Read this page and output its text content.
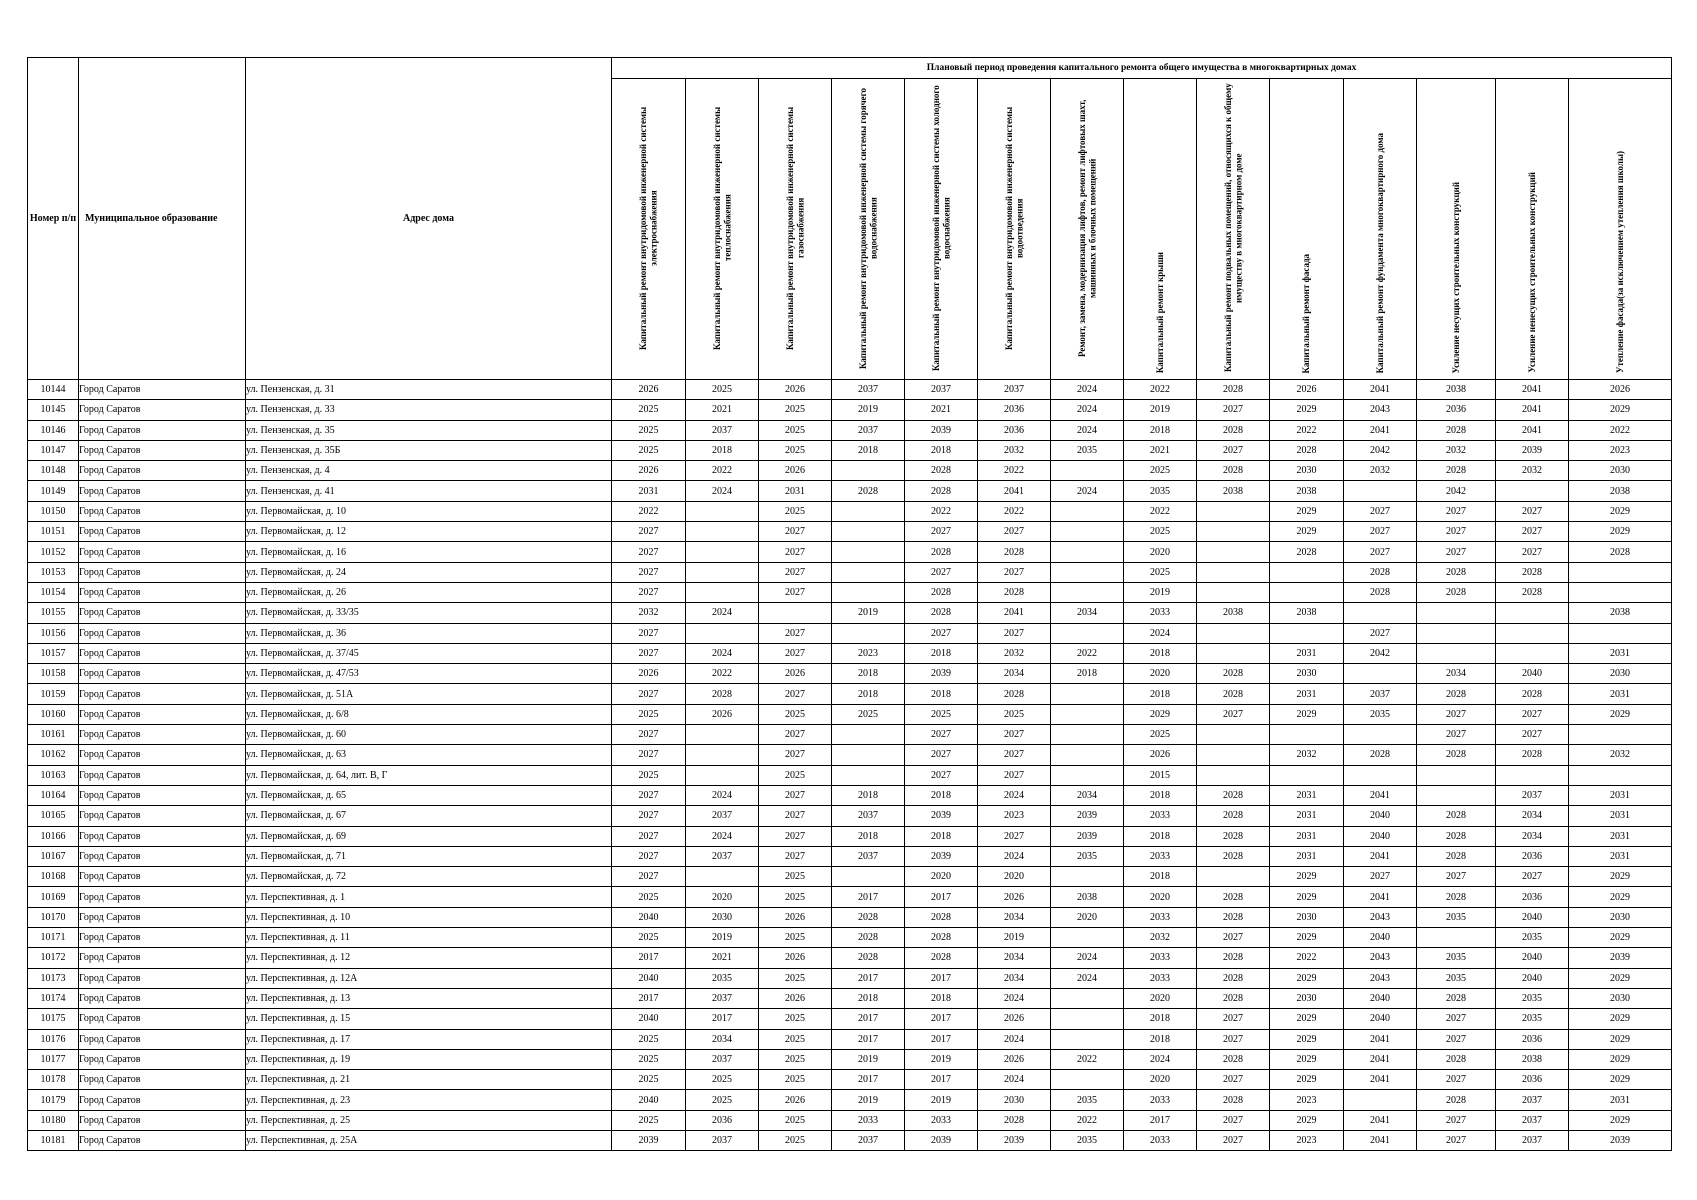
Номер п/п	Муниципальное образование	Адрес дома	Плановый период проведения капитального ремонта общего имущества в многоквартирных домах													

			Капитальный ремонт внутридомовой инженерной системы электроснабжения	Капитальный ремонт внутридомовой инженерной системы теплоснабжения	Капитальный ремонт внутридомовой инженерной системы газоснабжения	Капитальный ремонт внутридомовой инженерной системы горячего водоснабжения	Капитальный ремонт внутридомовой инженерной системы холодного водоснабжения	Капитальный ремонт внутридомовой инженерной системы водоотведения	Ремонт, замена, модернизация лифтов, ремонт лифтовых шахт, машинных и блочных помещений	Капитальный ремонт крыши	Капитальный ремонт подвальных помещений, относящихся к общему имуществу в многоквартирном доме	Капитальный ремонт фасада	Капитальный ремонт фундамента многоквартирного дома	Усиление несущих строительных конструкций	Усиление ненесущих строительных конструкций	Утепление фасада(за исключением утепления школы)

10144	Город Саратов	ул. Пензенская, д. 31	2026	2025	2026	2037	2037	2037	2024	2022	2028	2026	2041	2038	2041	2026
10145	Город Саратов	ул. Пензенская, д. 33	2025	2021	2025	2019	2021	2036	2024	2019	2027	2029	2043	2036	2041	2029
10146	Город Саратов	ул. Пензенская, д. 35	2025	2037	2025	2037	2039	2036	2024	2018	2028	2022	2041	2028	2041	2022
10147	Город Саратов	ул. Пензенская, д. 35Б	2025	2018	2025	2018	2018	2032	2035	2021	2027	2028	2042	2032	2039	2023
10148	Город Саратов	ул. Пензенская, д. 4	2026	2022	2026		2028	2022		2025	2028	2030	2032	2028	2032	2030
10149	Город Саратов	ул. Пензенская, д. 41	2031	2024	2031	2028	2028	2041	2024	2035	2038	2038		2042		2038
10150	Город Саратов	ул. Первомайская, д. 10	2022		2025		2022	2022		2022		2029	2027	2027	2027	2029
10151	Город Саратов	ул. Первомайская, д. 12	2027		2027		2027	2027		2025		2029	2027	2027	2027	2029
10152	Город Саратов	ул. Первомайская, д. 16	2027		2027		2028	2028		2020		2028	2027	2027	2027	2028
10153	Город Саратов	ул. Первомайская, д. 24	2027		2027		2027	2027		2025			2028	2028	2028	
10154	Город Саратов	ул. Первомайская, д. 26	2027		2027		2028	2028		2019			2028	2028	2028	
10155	Город Саратов	ул. Первомайская, д. 33/35	2032	2024		2019	2028	2041	2034	2033	2038	2038				2038
10156	Город Саратов	ул. Первомайская, д. 36	2027		2027		2027	2027		2024			2027			
10157	Город Саратов	ул. Первомайская, д. 37/45	2027	2024	2027	2023	2018	2032	2022	2018		2031	2042			2031
10158	Город Саратов	ул. Первомайская, д. 47/53	2026	2022	2026	2018	2039	2034	2018	2020	2028	2030		2034	2040	2030
10159	Город Саратов	ул. Первомайская, д. 51А	2027	2028	2027	2018	2018	2028		2018	2028	2031	2037	2028	2028	2031
10160	Город Саратов	ул. Первомайская, д. 6/8	2025	2026	2025	2025	2025	2025		2029	2027	2029	2035	2027	2027	2029
10161	Город Саратов	ул. Первомайская, д. 60	2027		2027		2027	2027		2025				2027	2027	
10162	Город Саратов	ул. Первомайская, д. 63	2027		2027		2027	2027		2026		2032	2028	2028	2028	2032
10163	Город Саратов	ул. Первомайская, д. 64, лит. В, Г	2025		2025		2027	2027		2015						
10164	Город Саратов	ул. Первомайская, д. 65	2027	2024	2027	2018	2018	2024	2034	2018	2028	2031	2041		2037	2031
10165	Город Саратов	ул. Первомайская, д. 67	2027	2037	2027	2037	2039	2023	2039	2033	2028	2031	2040	2028	2034	2031
10166	Город Саратов	ул. Первомайская, д. 69	2027	2024	2027	2018	2018	2027	2039	2018	2028	2031	2040	2028	2034	2031
10167	Город Саратов	ул. Первомайская, д. 71	2027	2037	2027	2037	2039	2024	2035	2033	2028	2031	2041	2028	2036	2031
10168	Город Саратов	ул. Первомайская, д. 72	2027		2025		2020	2020		2018		2029	2027	2027	2027	2029
10169	Город Саратов	ул. Перспективная, д. 1	2025	2020	2025	2017	2017	2026	2038	2020	2028	2029	2041	2028	2036	2029
10170	Город Саратов	ул. Перспективная, д. 10	2040	2030	2026	2028	2028	2034	2020	2033	2028	2030	2043	2035	2040	2030
10171	Город Саратов	ул. Перспективная, д. 11	2025	2019	2025	2028	2028	2019		2032	2027	2029	2040		2035	2029
10172	Город Саратов	ул. Перспективная, д. 12	2017	2021	2026	2028	2028	2034	2024	2033	2028	2022	2043	2035	2040	2039
10173	Город Саратов	ул. Перспективная, д. 12А	2040	2035	2025	2017	2017	2034	2024	2033	2028	2029	2043	2035	2040	2029
10174	Город Саратов	ул. Перспективная, д. 13	2017	2037	2026	2018	2018	2024		2020	2028	2030	2040	2028	2035	2030
10175	Город Саратов	ул. Перспективная, д. 15	2040	2017	2025	2017	2017	2026		2018	2027	2029	2040	2027	2035	2029
10176	Город Саратов	ул. Перспективная, д. 17	2025	2034	2025	2017	2017	2024		2018	2027	2029	2041	2027	2036	2029
10177	Город Саратов	ул. Перспективная, д. 19	2025	2037	2025	2019	2019	2026	2022	2024	2028	2029	2041	2028	2038	2029
10178	Город Саратов	ул. Перспективная, д. 21	2025	2025	2025	2017	2017	2024		2020	2027	2029	2041	2027	2036	2029
10179	Город Саратов	ул. Перспективная, д. 23	2040	2025	2026	2019	2019	2030	2035	2033	2028	2023		2028	2037	2031
10180	Город Саратов	ул. Перспективная, д. 25	2025	2036	2025	2033	2033	2028	2022	2017	2027	2029	2041	2027	2037	2029
10181	Город Саратов	ул. Перспективная, д. 25А	2039	2037	2025	2037	2039	2039	2035	2033	2027	2023	2041	2027	2037	2039
